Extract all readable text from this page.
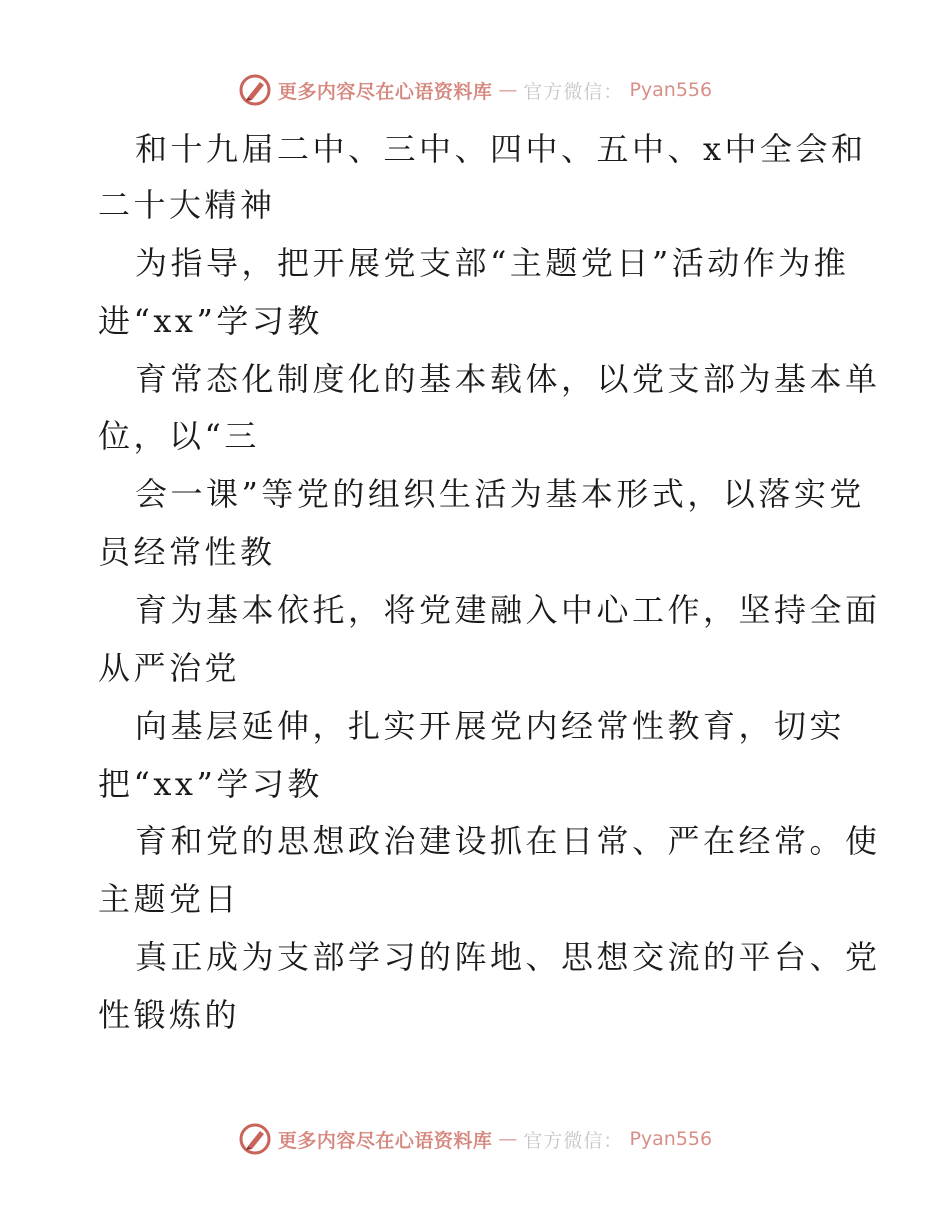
更多内容尽在心语资料库 — 官方微信： Pyan556
和十九届二中、三中、四中、五中、x中全会和
二十大精神
为指导，把开展党支部“主题党日”活动作为推
进“xx”学习教
育常态化制度化的基本载体，以党支部为基本单
位，以“三
会一课”等党的组织生活为基本形式，以落实党
员经常性教
育为基本依托，将党建融入中心工作，坚持全面
从严治党
向基层延伸，扎实开展党内经常性教育，切实
把“xx”学习教
育和党的思想政治建设抓在日常、严在经常。使
主题党日
真正成为支部学习的阵地、思想交流的平台、党
性锻炼的
更多内容尽在心语资料库 — 官方微信： Pyan556
